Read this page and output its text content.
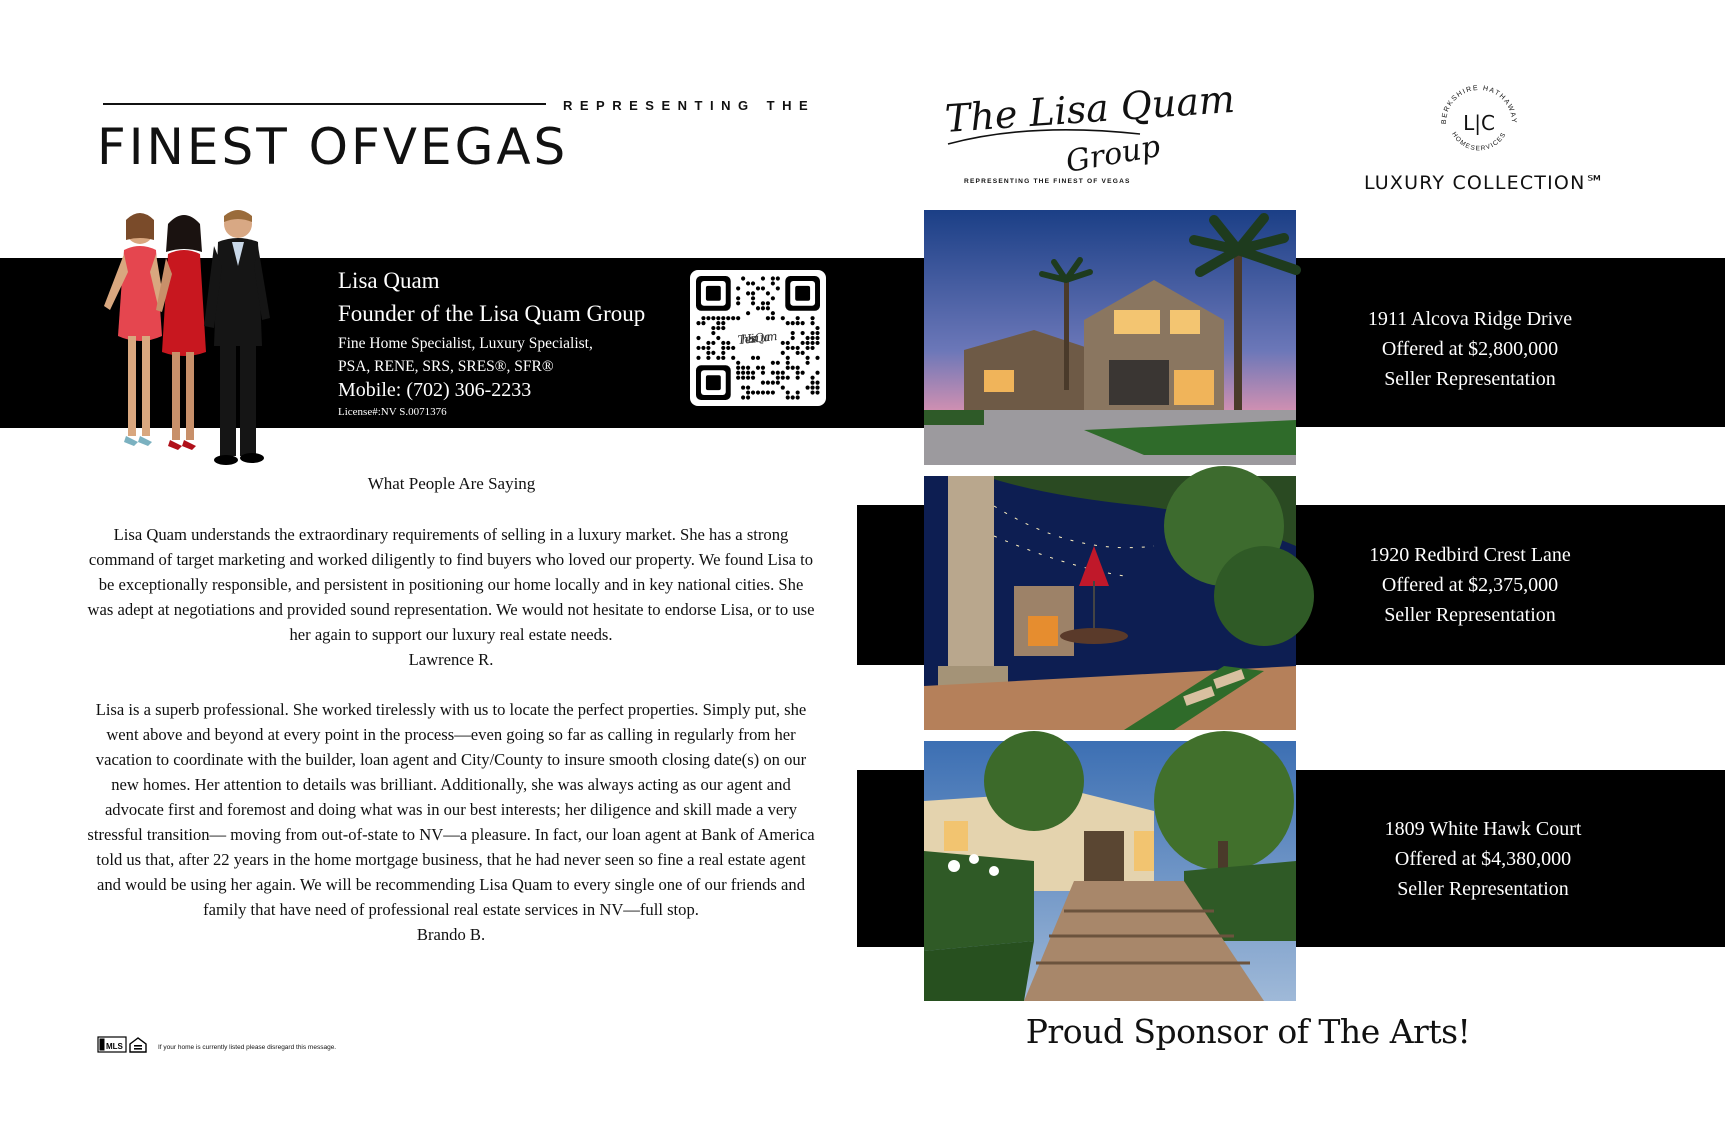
REPRESENTING THE
FINEST OFVEGAS
Lisa Quam
Founder of the Lisa Quam Group
Fine Home Specialist, Luxury Specialist,
PSA, RENE, SRS, SRES®, SFR®
Mobile: (702) 306-2233
License#:NV S.0071376
The Lisa Quam
What People Are Saying
Lisa Quam understands the extraordinary requirements of selling in a luxury market. She has a strong command of target marketing and worked diligently to find buyers who loved our property. We found Lisa to be exceptionally responsible, and persistent in positioning our home locally and in key national cities. She was adept at negotiations and provided sound representation. We would not hesitate to endorse Lisa, or to use her again to support our luxury real estate needs.
Lawrence R.
Lisa is a superb professional. She worked tirelessly with us to locate the perfect properties. Simply put, she went above and beyond at every point in the process—even going so far as calling in regularly from her vacation to coordinate with the builder, loan agent and City/County to insure smooth closing date(s) on our new homes. Her attention to details was brilliant. Additionally, she was always acting as our agent and advocate first and foremost and doing what was in our best interests; her diligence and skill made a very stressful transition— moving from out-of-state to NV—a pleasure. In fact, our loan agent at Bank of America told us that, after 22 years in the home mortgage business, that he had never seen so fine a real estate agent and would be using her again. We will be recommending Lisa Quam to every single one of our friends and family that have need of professional real estate services in NV—full stop.
Brando B.
MLS	If your home is currently listed please disregard this message.
The Lisa Quam
Group
REPRESENTING THE FINEST OF VEGAS
BERKSHIRE HATHAWAY
HOMESERVICES
L|C
LUXURY COLLECTION℠
1911 Alcova Ridge Drive
Offered at $2,800,000
Seller Representation
1920 Redbird Crest Lane
Offered at $2,375,000
Seller Representation
1809 White Hawk Court
Offered at $4,380,000
Seller Representation
Proud Sponsor of The Arts!
